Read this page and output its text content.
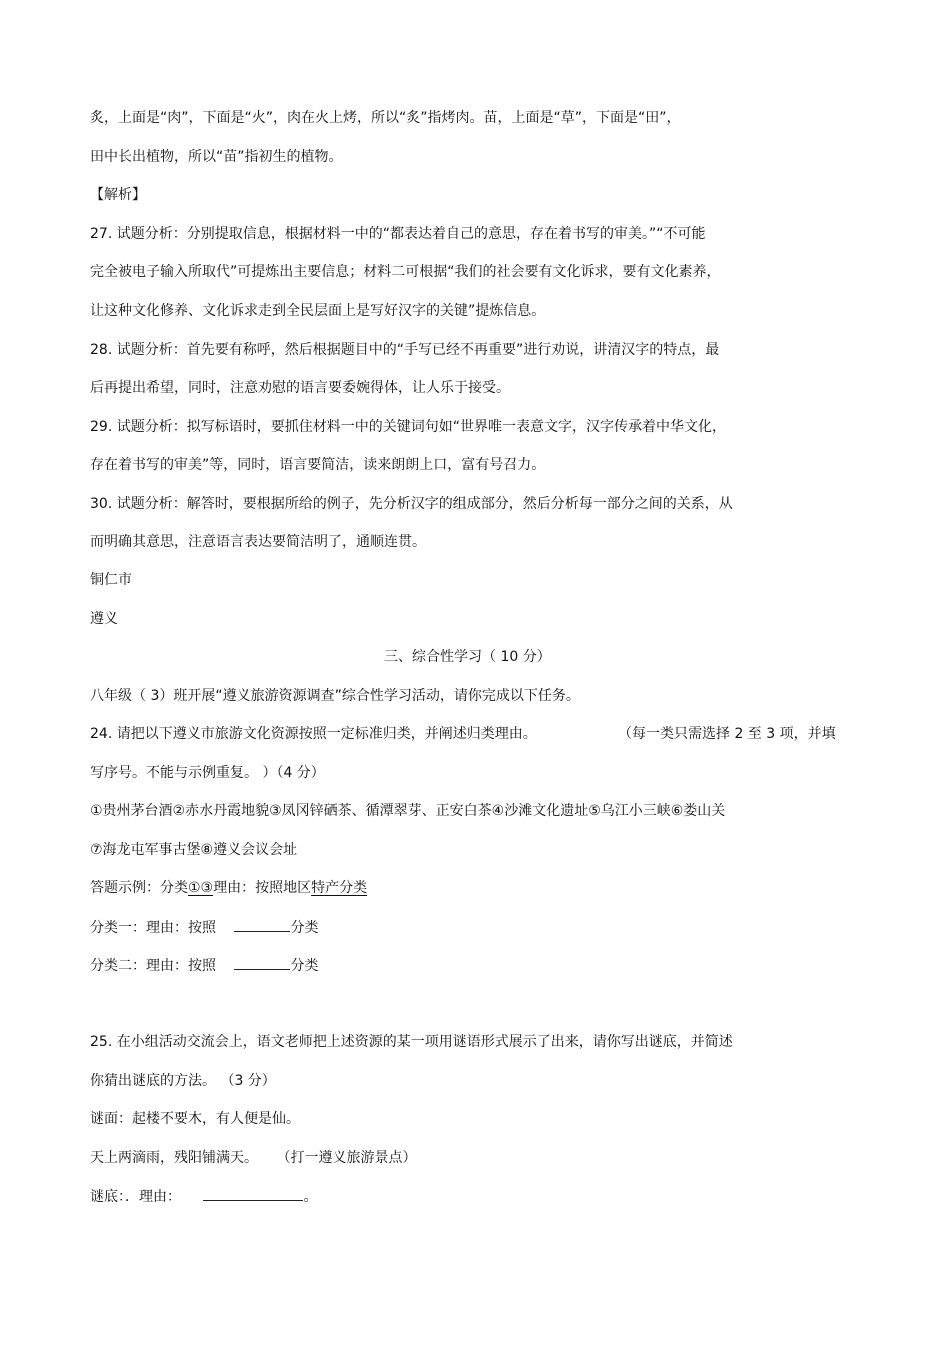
炙，上面是“肉”，下面是“火”，肉在火上烤，所以“炙”指烤肉。苗，上面是“草”，下面是“田”，
田中长出植物，所以“苗”指初生的植物。
【解析】
27. 试题分析：分别提取信息，根据材料一中的“都表达着自己的意思，存在着书写的审美。”“不可能
完全被电子输入所取代”可提炼出主要信息；材料二可根据“我们的社会要有文化诉求，要有文化素养，
让这种文化修养、文化诉求走到全民层面上是写好汉字的关键”提炼信息。
28. 试题分析：首先要有称呼，然后根据题目中的“手写已经不再重要”进行劝说，讲清汉字的特点，最
后再提出希望，同时，注意劝慰的语言要委婉得体，让人乐于接受。
29. 试题分析：拟写标语时，要抓住材料一中的关键词句如“世界唯一表意文字，汉字传承着中华文化，
存在着书写的审美”等，同时，语言要简洁，读来朗朗上口，富有号召力。
30. 试题分析：解答时，要根据所给的例子，先分析汉字的组成部分，然后分析每一部分之间的关系，从
而明确其意思，注意语言表达要简洁明了，通顺连贯。
铜仁市
遵义
三、综合性学习（ 10 分）
八年级（ 3）班开展“遵义旅游资源调查”综合性学习活动，请你完成以下任务。
24. 请把以下遵义市旅游文化资源按照一定标准归类，并阐述归类理由。	（每一类只需选择 2 至 3 项，并填
写序号。不能与示例重复。 ）（4 分）
①贵州茅台酒②赤水丹霞地貌③凤冈锌硒茶、循潭翠芽、正安白茶④沙滩文化遗址⑤乌江小三峡⑥娄山关
⑦海龙屯军事古堡⑧遵义会议会址
答题示例：分类①③理由：按照地区特产分类
分类一：理由：按照	分类
分类二：理由：按照	分类
25. 在小组活动交流会上，语文老师把上述资源的某一项用谜语形式展示了出来，请你写出谜底，并简述
你猜出谜底的方法。 （3 分）
谜面：起楼不要木，有人便是仙。
天上两滴雨，残阳铺满天。 （打一遵义旅游景点）
谜底：．理由：	。
